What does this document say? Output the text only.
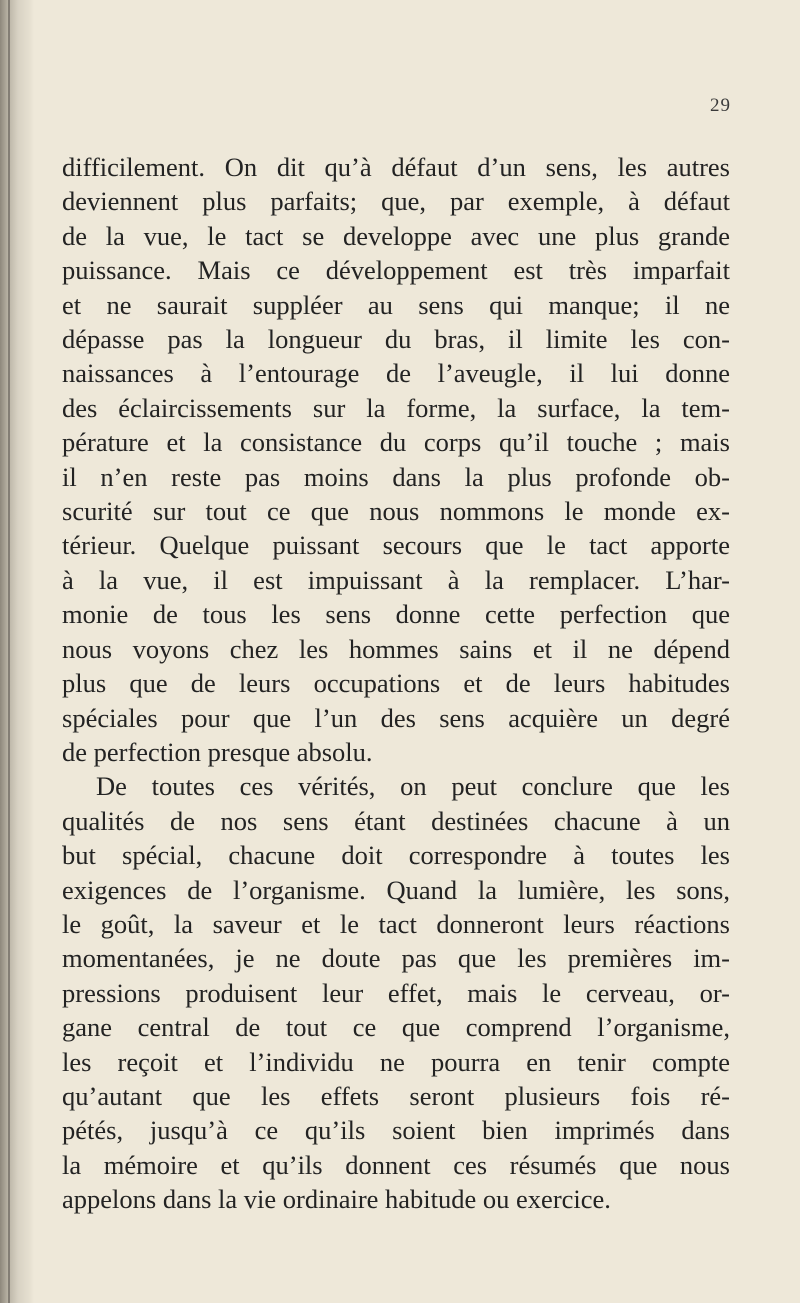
29

difficilement. On dit qu’à défaut d’un sens, les autres
deviennent plus parfaits; que, par exemple, à défaut
de la vue, le tact se developpe avec une plus grande
puissance. Mais ce développement est très imparfait
et ne saurait suppléer au sens qui manque; il ne
dépasse pas la longueur du bras, il limite les con-
naissances à l’entourage de l’aveugle, il lui donne
des éclaircissements sur la forme, la surface, la tem-
pérature et la consistance du corps qu’il touche ; mais
il n’en reste pas moins dans la plus profonde ob-
scurité sur tout ce que nous nommons le monde ex-
térieur. Quelque puissant secours que le tact apporte
à la vue, il est impuissant à la remplacer. L’har-
monie de tous les sens donne cette perfection que
nous voyons chez les hommes sains et il ne dépend
plus que de leurs occupations et de leurs habitudes
spéciales pour que l’un des sens acquière un degré
de perfection presque absolu.

De toutes ces vérités, on peut conclure que les
qualités de nos sens étant destinées chacune à un
but spécial, chacune doit correspondre à toutes les
exigences de l’organisme. Quand la lumière, les sons,
le goût, la saveur et le tact donneront leurs réactions
momentanées, je ne doute pas que les premières im-
pressions produisent leur effet, mais le cerveau, or-
gane central de tout ce que comprend l’organisme,
les reçoit et l’individu ne pourra en tenir compte
qu’autant que les effets seront plusieurs fois ré-
pétés, jusqu’à ce qu’ils soient bien imprimés dans
la mémoire et qu’ils donnent ces résumés que nous
appelons dans la vie ordinaire habitude ou exercice.
